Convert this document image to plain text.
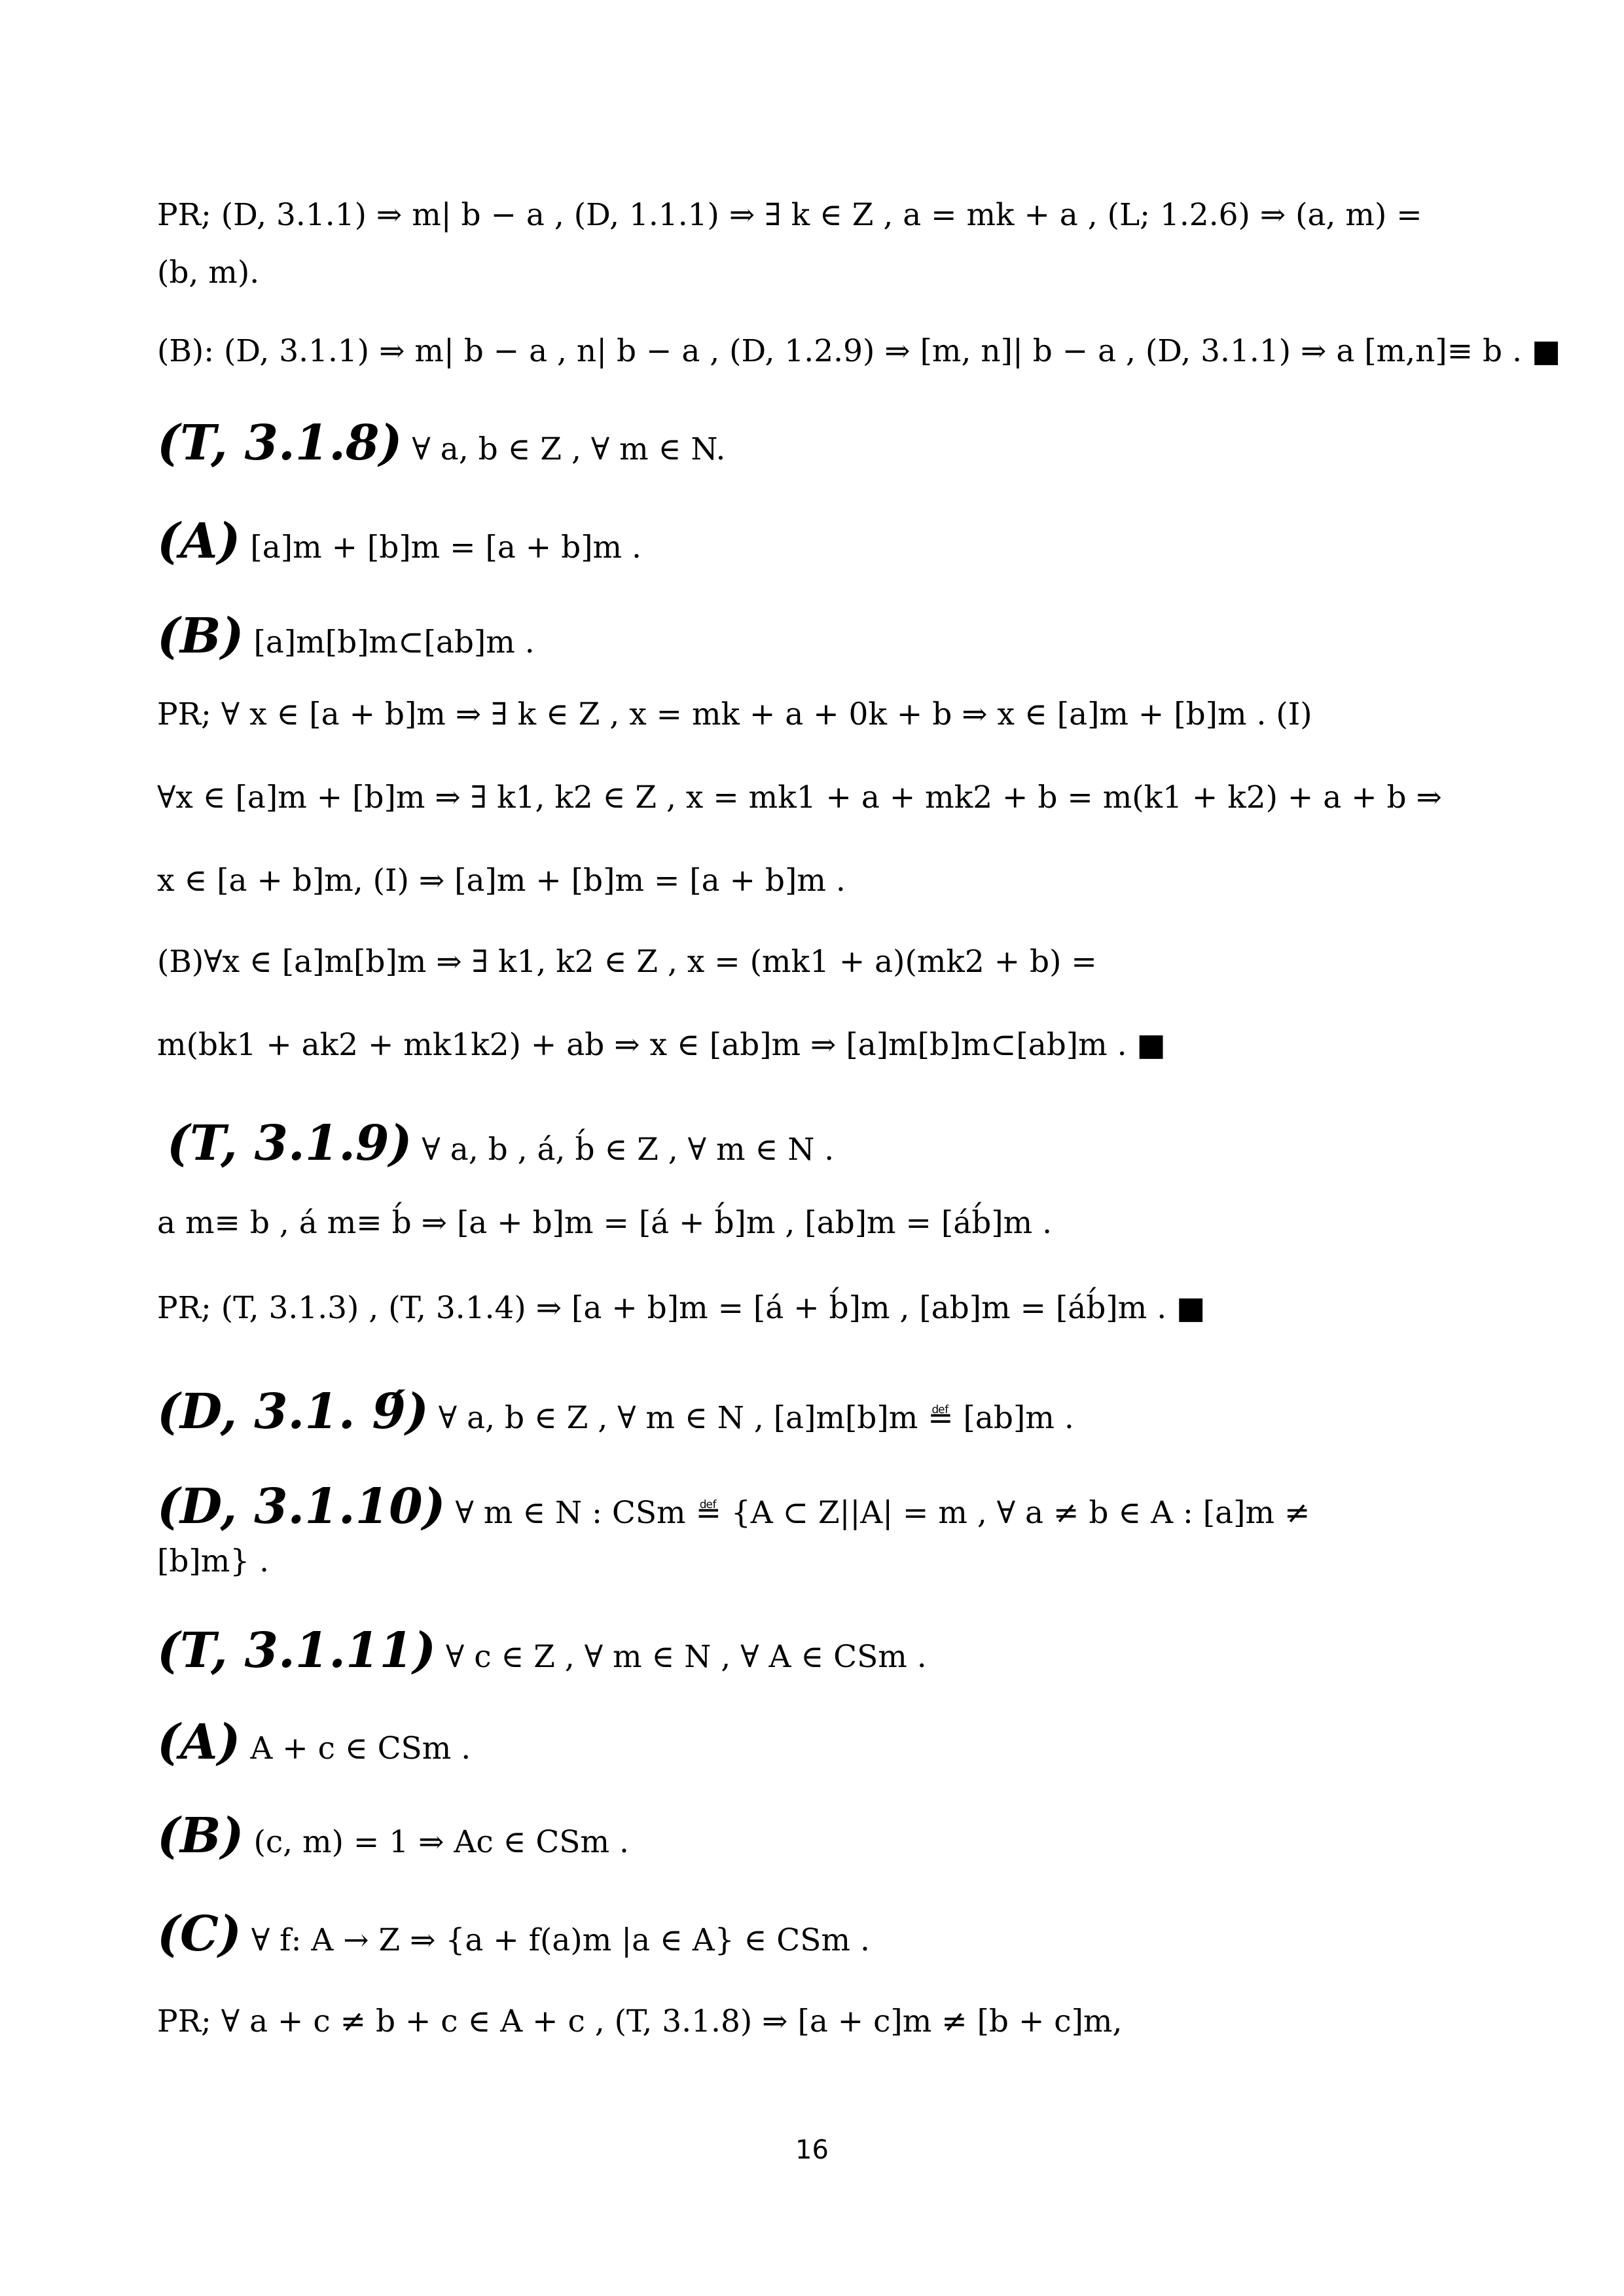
PR; (D, 3.1.1) ⇒ m| b − a , (D, 1.1.1) ⇒ ∃ k ∈ Z , a = mk + a , (L; 1.2.6) ⇒ (a, m) =
(b, m).
(B): (D, 3.1.1) ⇒ m| b − a , n| b − a , (D, 1.2.9) ⇒ [m, n]| b − a , (D, 3.1.1) ⇒ a [m,n]≡ b . ■
(T, 3.1.8) ∀ a, b ∈ Z , ∀ m ∈ N.
(A) [a]m + [b]m = [a + b]m .
(B) [a]m[b]m⊂[ab]m .
PR; ∀ x ∈ [a + b]m ⇒ ∃ k ∈ Z , x = mk + a + 0k + b ⇒ x ∈ [a]m + [b]m . (I)
∀x ∈ [a]m + [b]m ⇒ ∃ k1, k2 ∈ Z , x = mk1 + a + mk2 + b = m(k1 + k2) + a + b ⇒
x ∈ [a + b]m, (I) ⇒ [a]m + [b]m = [a + b]m .
(B)∀x ∈ [a]m[b]m ⇒ ∃ k1, k2 ∈ Z , x = (mk1 + a)(mk2 + b) =
m(bk1 + ak2 + mk1k2) + ab ⇒ x ∈ [ab]m ⇒ [a]m[b]m⊂[ab]m . ■
(T, 3.1.9) ∀ a, b , á, b́ ∈ Z , ∀ m ∈ N .
a m≡ b , á m≡ b́ ⇒ [a + b]m = [á + b́]m , [ab]m = [áb́]m .
PR; (T, 3.1.3) , (T, 3.1.4) ⇒ [a + b]m = [á + b́]m , [ab]m = [áb́]m . ■
(D, 3.1. 9́) ∀ a, b ∈ Z , ∀ m ∈ N , [a]m[b]m ≝ [ab]m .
(D, 3.1.10) ∀ m ∈ N : CSm ≝ {A ⊂ Z||A| = m , ∀ a ≠ b ∈ A : [a]m ≠
[b]m} .
(T, 3.1.11) ∀ c ∈ Z , ∀ m ∈ N , ∀ A ∈ CSm .
(A) A + c ∈ CSm .
(B) (c, m) = 1 ⇒ Ac ∈ CSm .
(C) ∀ f: A → Z ⇒ {a + f(a)m |a ∈ A} ∈ CSm .
PR; ∀ a + c ≠ b + c ∈ A + c , (T, 3.1.8) ⇒ [a + c]m ≠ [b + c]m,
16
